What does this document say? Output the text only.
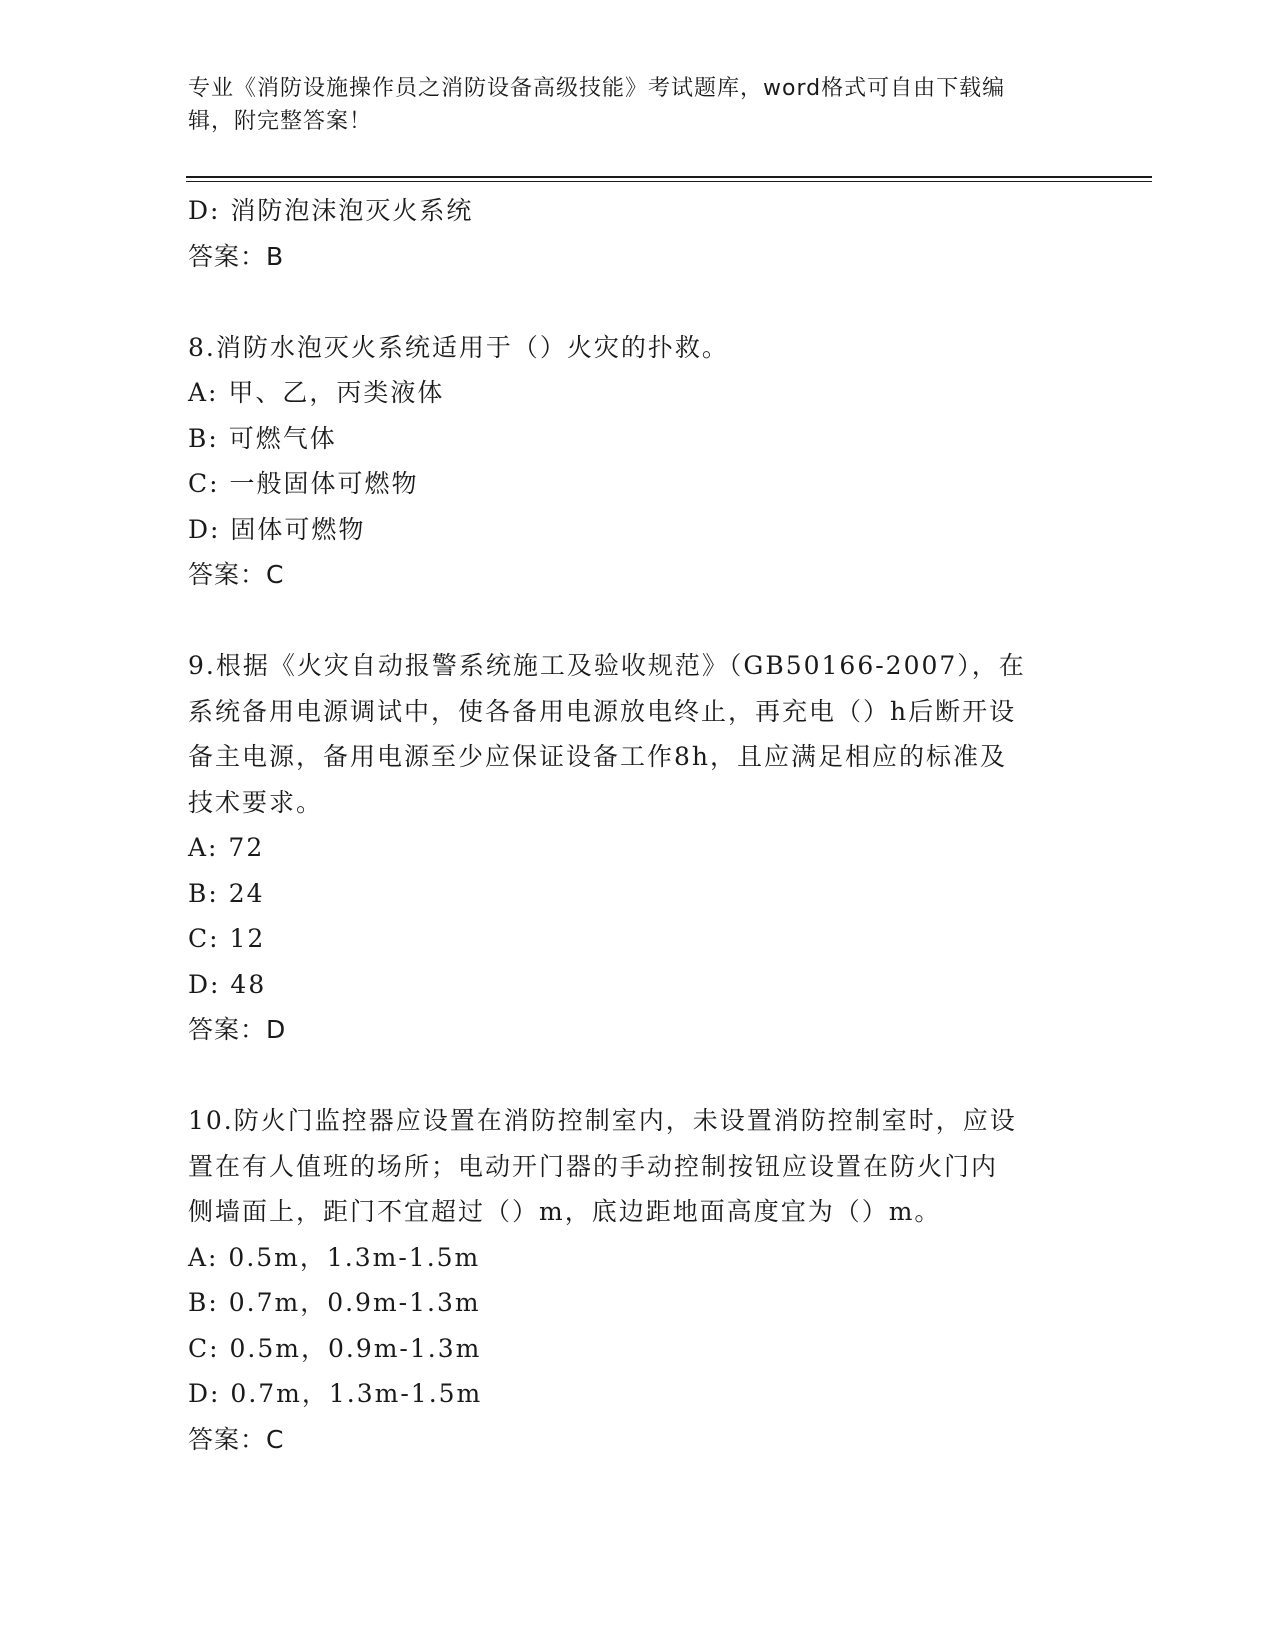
专业《消防设施操作员之消防设备高级技能》考试题库，word格式可自由下载编
辑，附完整答案！
D: 消防泡沫泡灭火系统
答案：B
8.消防水泡灭火系统适用于（）火灾的扑救。
A: 甲、乙，丙类液体
B: 可燃气体
C: 一般固体可燃物
D: 固体可燃物
答案：C
9.根据《火灾自动报警系统施工及验收规范》（GB50166-2007），在
系统备用电源调试中，使各备用电源放电终止，再充电（）h后断开设
备主电源，备用电源至少应保证设备工作8h，且应满足相应的标准及
技术要求。
A: 72
B: 24
C: 12
D: 48
答案：D
10.防火门监控器应设置在消防控制室内，未设置消防控制室时，应设
置在有人值班的场所；电动开门器的手动控制按钮应设置在防火门内
侧墙面上，距门不宜超过（）m，底边距地面高度宜为（）m。
A: 0.5m，1.3m-1.5m
B: 0.7m，0.9m-1.3m
C: 0.5m，0.9m-1.3m
D: 0.7m，1.3m-1.5m
答案：C
